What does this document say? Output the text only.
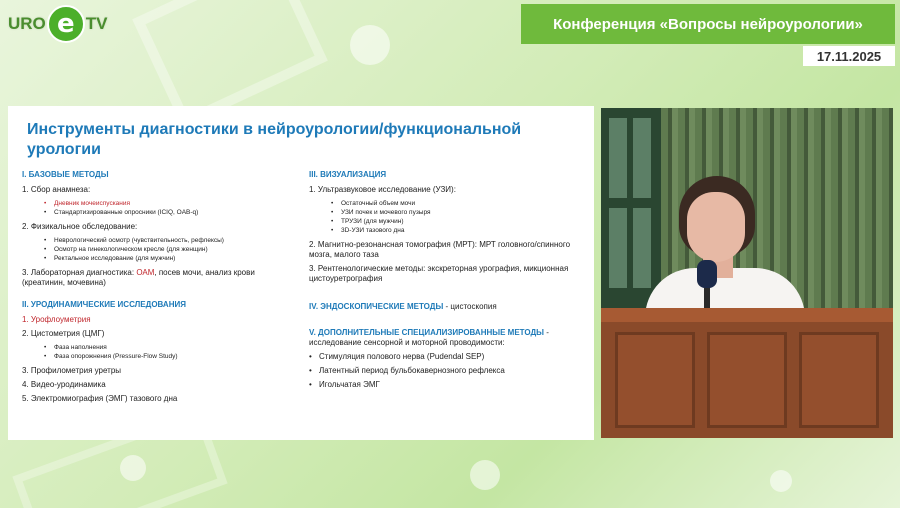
URO e TV	Конференция «Вопросы нейроурологии»
17.11.2025
Инструменты диагностики в нейроурологии/функциональной урологии
I. БАЗОВЫЕ МЕТОДЫ
1. Сбор анамнеза:
• Дневник мочеиспускания
• Стандартизированные опросники (ICIQ, OAB-q)
2. Физикальное обследование:
• Неврологический осмотр (чувствительность, рефлексы)
• Осмотр на гинекологическом кресле (для женщин)
• Ректальное исследование (для мужчин)
3. Лабораторная диагностика: ОАМ, посев мочи, анализ крови (креатинин, мочевина)
II. УРОДИНАМИЧЕСКИЕ ИССЛЕДОВАНИЯ
1. Урофлоуметрия
2. Цистометрия (ЦМГ)
• Фаза наполнения
• Фаза опорожнения (Pressure-Flow Study)
3. Профилометрия уретры
4. Видео-уродинамика
5. Электромиография (ЭМГ) тазового дна
III. ВИЗУАЛИЗАЦИЯ
1. Ультразвуковое исследование (УЗИ):
• Остаточный объем мочи
• УЗИ почек и мочевого пузыря
• ТРУЗИ (для мужчин)
• 3D-УЗИ тазового дна
2. Магнитно-резонансная томография (МРТ): МРТ головного/спинного мозга, малого таза
3. Рентгенологические методы: экскреторная урография, микционная цистоуретрография
IV. ЭНДОСКОПИЧЕСКИЕ МЕТОДЫ - цистоскопия
V. ДОПОЛНИТЕЛЬНЫЕ СПЕЦИАЛИЗИРОВАННЫЕ МЕТОДЫ - исследование сенсорной и моторной проводимости:
• Стимуляция полового нерва (Pudendal SEP)
• Латентный период бульбокавернозного рефлекса
• Игольчатая ЭМГ
